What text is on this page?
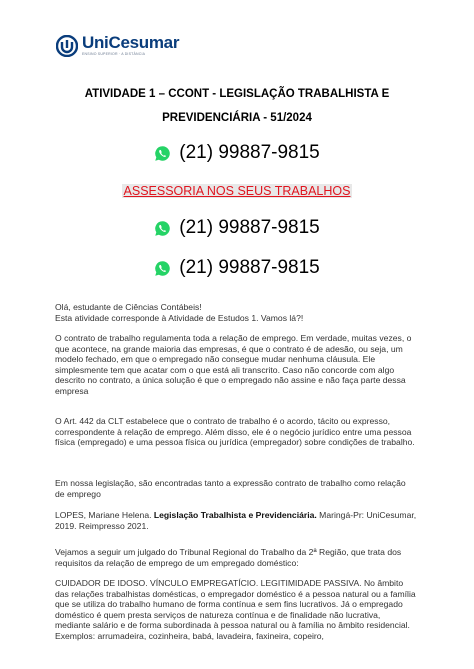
UniCesumar
ENSINO SUPERIOR · A DISTÂNCIA
ATIVIDADE 1 – CCONT - LEGISLAÇÃO TRABALHISTA E
PREVIDENCIÁRIA - 51/2024
(21) 99887-9815
ASSESSORIA NOS SEUS TRABALHOS
(21) 99887-9815
(21) 99887-9815

Olá, estudante de Ciências Contábeis!
Esta atividade corresponde à Atividade de Estudos 1. Vamos lá?!

O contrato de trabalho regulamenta toda a relação de emprego. Em verdade, muitas vezes, o que acontece, na grande maioria das empresas, é que o contrato é de adesão, ou seja, um modelo fechado, em que o empregado não consegue mudar nenhuma cláusula. Ele simplesmente tem que acatar com o que está ali transcrito. Caso não concorde com algo descrito no contrato, a única solução é que o empregado não assine e não faça parte dessa empresa

O Art. 442 da CLT estabelece que o contrato de trabalho é o acordo, tácito ou expresso, correspondente à relação de emprego. Além disso, ele é o negócio jurídico entre uma pessoa física (empregado) e uma pessoa física ou jurídica (empregador) sobre condições de trabalho.

Em nossa legislação, são encontradas tanto a expressão contrato de trabalho como relação de emprego

LOPES, Mariane Helena. Legislação Trabalhista e Previdenciária. Maringá-Pr: UniCesumar, 2019. Reimpresso 2021.

Vejamos a seguir um julgado do Tribunal Regional do Trabalho da 2ª Região, que trata dos requisitos da relação de emprego de um empregado doméstico:

CUIDADOR DE IDOSO. VÍNCULO EMPREGATÍCIO. LEGITIMIDADE PASSIVA. No âmbito das relações trabalhistas domésticas, o empregador doméstico é a pessoa natural ou a família que se utiliza do trabalho humano de forma contínua e sem fins lucrativos. Já o empregado doméstico é quem presta serviços de natureza contínua e de finalidade não lucrativa, mediante salário e de forma subordinada à pessoa natural ou à família no âmbito residencial. Exemplos: arrumadeira, cozinheira, babá, lavadeira, faxineira, copeiro,
